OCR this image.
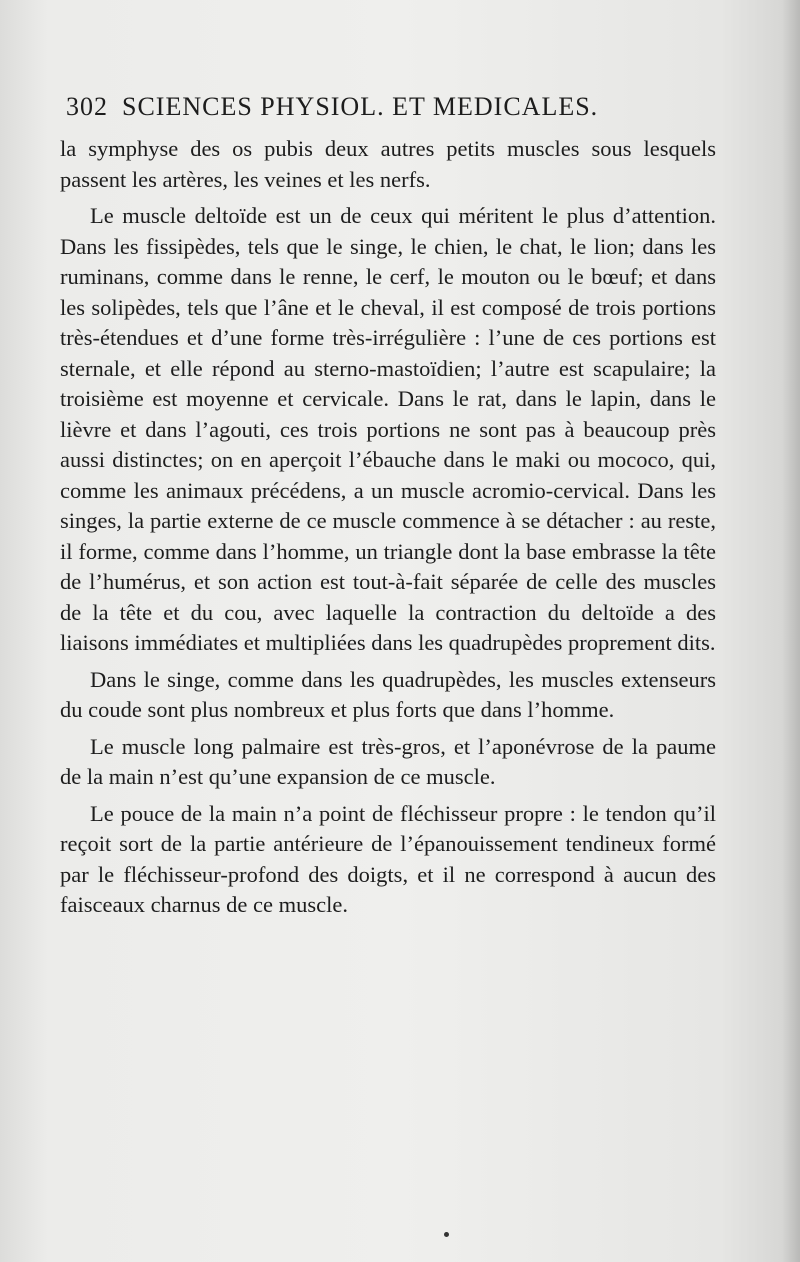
302 SCIENCES PHYSIOL. ET MEDICALES.

la symphyse des os pubis deux autres petits muscles sous lesquels passent les artères, les veines et les nerfs.

Le muscle deltoïde est un de ceux qui méritent le plus d’attention. Dans les fissipèdes, tels que le singe, le chien, le chat, le lion; dans les ruminans, comme dans le renne, le cerf, le mouton ou le bœuf; et dans les solipèdes, tels que l’âne et le cheval, il est composé de trois portions très-étendues et d’une forme très-irrégulière : l’une de ces portions est sternale, et elle répond au sterno-mastoïdien; l’autre est scapulaire; la troisième est moyenne et cervicale. Dans le rat, dans le lapin, dans le lièvre et dans l’agouti, ces trois portions ne sont pas à beaucoup près aussi distinctes; on en aperçoit l’ébauche dans le maki ou mococo, qui, comme les animaux précédens, a un muscle acromio-cervical. Dans les singes, la partie externe de ce muscle commence à se détacher : au reste, il forme, comme dans l’homme, un triangle dont la base embrasse la tête de l’humérus, et son action est tout-à-fait séparée de celle des muscles de la tête et du cou, avec laquelle la contraction du deltoïde a des liaisons immédiates et multipliées dans les quadrupèdes proprement dits.

Dans le singe, comme dans les quadrupèdes, les muscles extenseurs du coude sont plus nombreux et plus forts que dans l’homme.

Le muscle long palmaire est très-gros, et l’aponévrose de la paume de la main n’est qu’une expansion de ce muscle.

Le pouce de la main n’a point de fléchisseur propre : le tendon qu’il reçoit sort de la partie antérieure de l’épanouissement tendineux formé par le fléchisseur-profond des doigts, et il ne correspond à aucun des faisceaux charnus de ce muscle.
